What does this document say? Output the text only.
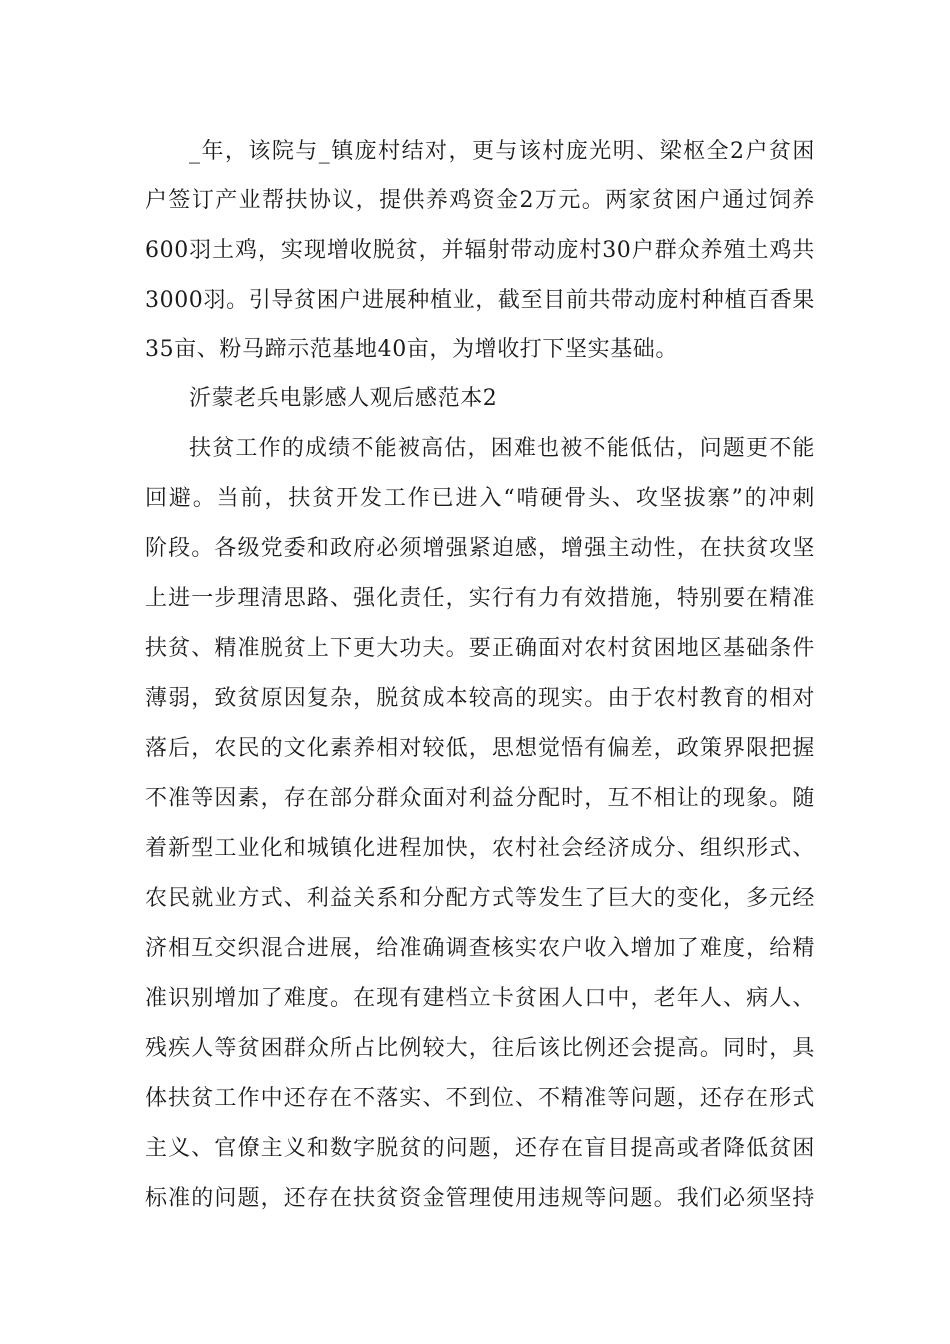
_年，该院与_镇庞村结对，更与该村庞光明、梁枢全2户贫困
户签订产业帮扶协议，提供养鸡资金2万元。两家贫困户通过饲养
600羽土鸡，实现增收脱贫，并辐射带动庞村30户群众养殖土鸡共
3000羽。引导贫困户进展种植业，截至目前共带动庞村种植百香果
35亩、粉马蹄示范基地40亩，为增收打下坚实基础。
沂蒙老兵电影感人观后感范本2
扶贫工作的成绩不能被高估，困难也被不能低估，问题更不能
回避。当前，扶贫开发工作已进入“啃硬骨头、攻坚拔寨”的冲刺
阶段。各级党委和政府必须增强紧迫感，增强主动性，在扶贫攻坚
上进一步理清思路、强化责任，实行有力有效措施，特别要在精准
扶贫、精准脱贫上下更大功夫。要正确面对农村贫困地区基础条件
薄弱，致贫原因复杂，脱贫成本较高的现实。由于农村教育的相对
落后，农民的文化素养相对较低，思想觉悟有偏差，政策界限把握
不准等因素，存在部分群众面对利益分配时，互不相让的现象。随
着新型工业化和城镇化进程加快，农村社会经济成分、组织形式、
农民就业方式、利益关系和分配方式等发生了巨大的变化，多元经
济相互交织混合进展，给准确调查核实农户收入增加了难度，给精
准识别增加了难度。在现有建档立卡贫困人口中，老年人、病人、
残疾人等贫困群众所占比例较大，往后该比例还会提高。同时，具
体扶贫工作中还存在不落实、不到位、不精准等问题，还存在形式
主义、官僚主义和数字脱贫的问题，还存在盲目提高或者降低贫困
标准的问题，还存在扶贫资金管理使用违规等问题。我们必须坚持
